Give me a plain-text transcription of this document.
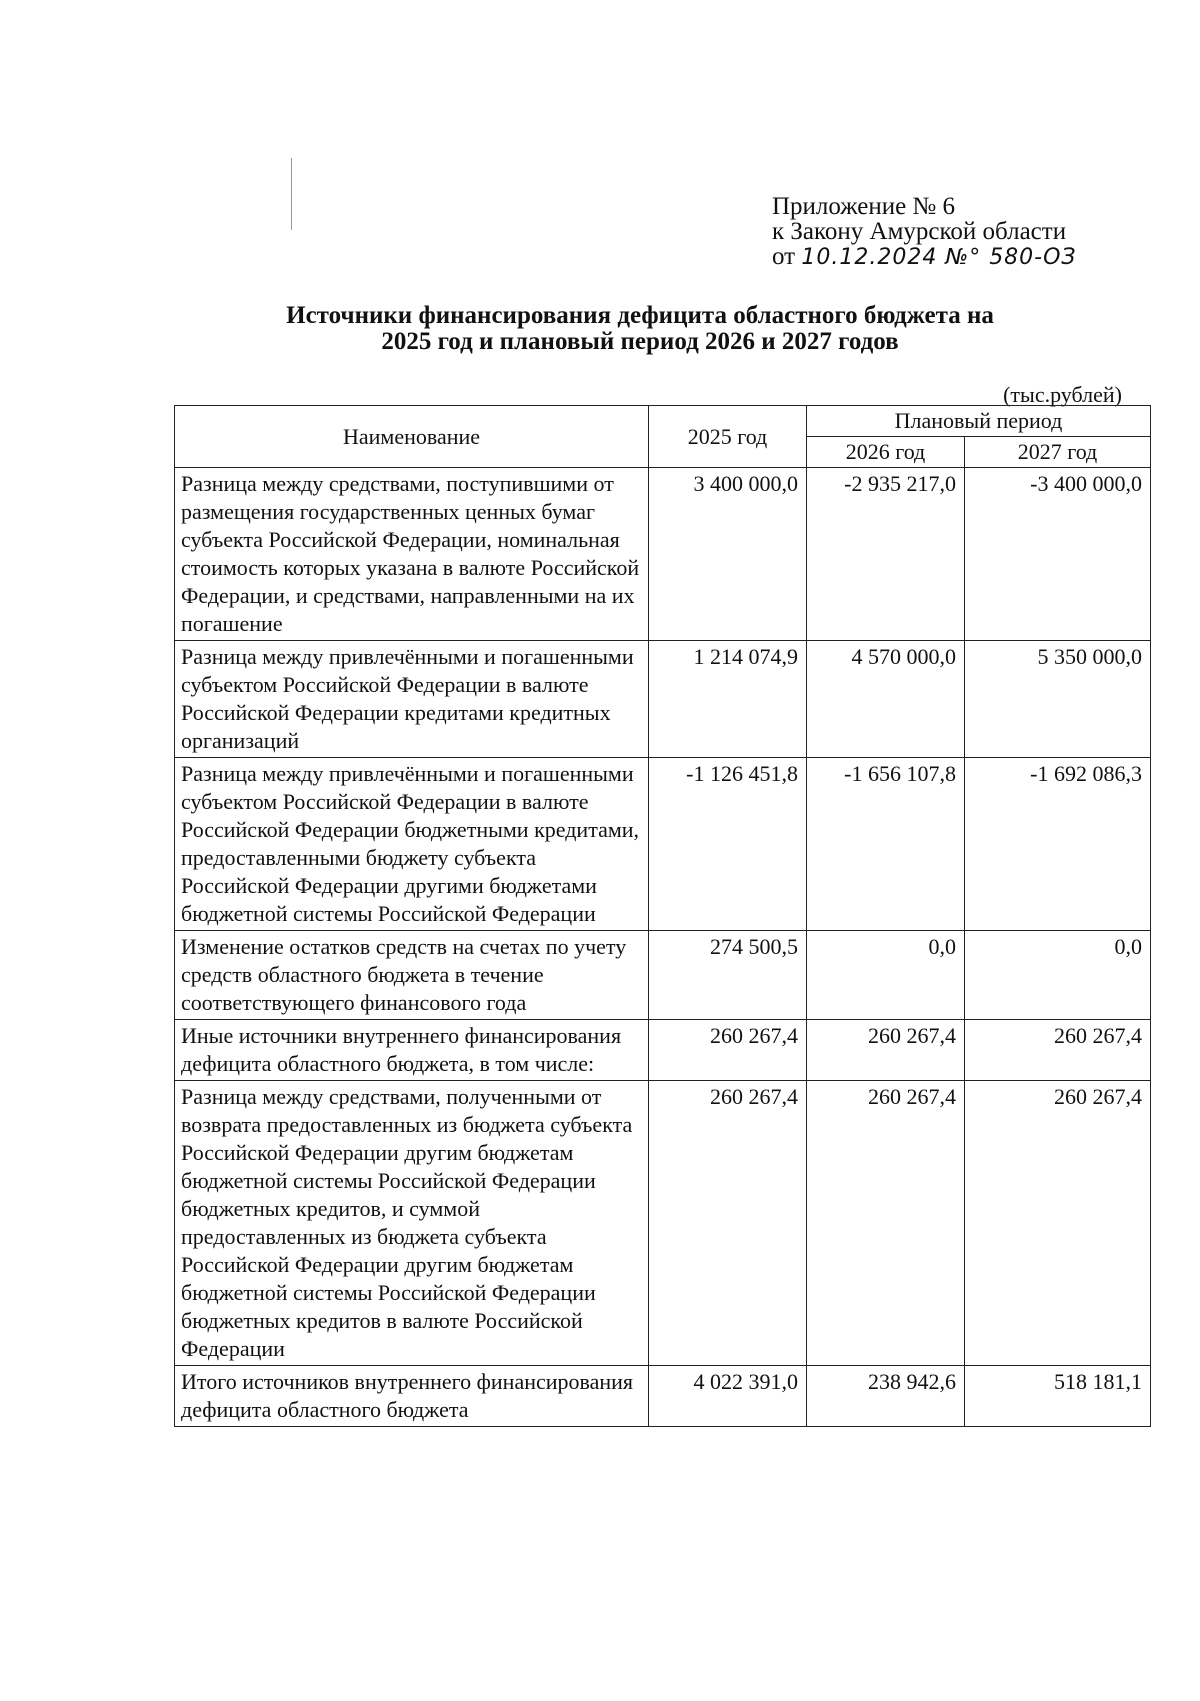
Приложение № 6
к Закону Амурской области
от 10.12.2024 №° 580-ОЗ
Источники финансирования дефицита областного бюджета на
2025 год и плановый период 2026 и 2027 годов
(тыс.рублей)
Наименование	2025 год	Плановый период	
		2026 год	2027 год
Разница между средствами, поступившими от размещения государственных ценных бумаг субъекта Российской Федерации, номинальная стоимость которых указана в валюте Российской Федерации, и средствами, направленными на их погашение	3 400 000,0	-2 935 217,0	-3 400 000,0
Разница между привлечёнными и погашенными субъектом Российской Федерации в валюте Российской Федерации кредитами кредитных организаций	1 214 074,9	4 570 000,0	5 350 000,0
Разница между привлечёнными и погашенными субъектом Российской Федерации в валюте Российской Федерации бюджетными кредитами, предоставленными бюджету субъекта Российской Федерации другими бюджетами бюджетной системы Российской Федерации	-1 126 451,8	-1 656 107,8	-1 692 086,3
Изменение остатков средств на счетах по учету средств областного бюджета в течение соответствующего финансового года	274 500,5	0,0	0,0
Иные источники внутреннего финансирования дефицита областного бюджета, в том числе:	260 267,4	260 267,4	260 267,4
Разница между средствами, полученными от возврата предоставленных из бюджета субъекта Российской Федерации другим бюджетам бюджетной системы Российской Федерации бюджетных кредитов, и суммой предоставленных из бюджета субъекта Российской Федерации другим бюджетам бюджетной системы Российской Федерации бюджетных кредитов в валюте Российской Федерации	260 267,4	260 267,4	260 267,4
Итого источников внутреннего финансирования дефицита областного бюджета	4 022 391,0	238 942,6	518 181,1
